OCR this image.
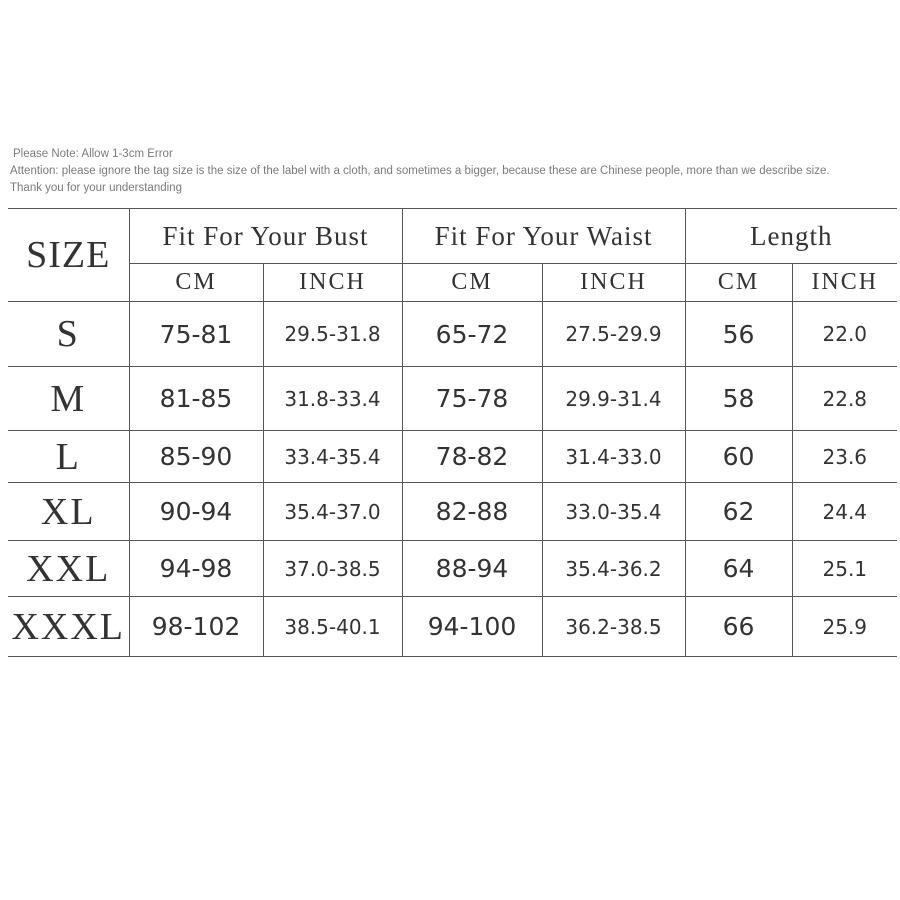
Please Note: Allow 1-3cm Error
Attention: please ignore the tag size is the size of the label with a cloth, and sometimes a bigger, because these are Chinese people, more than we describe size.
Thank you for your understanding
SIZE	Fit For Your Bust		Fit For Your Waist		Length	
	CM	INCH	CM	INCH	CM	INCH
S	75-81	29.5-31.8	65-72	27.5-29.9	56	22.0
M	81-85	31.8-33.4	75-78	29.9-31.4	58	22.8
L	85-90	33.4-35.4	78-82	31.4-33.0	60	23.6
XL	90-94	35.4-37.0	82-88	33.0-35.4	62	24.4
XXL	94-98	37.0-38.5	88-94	35.4-36.2	64	25.1
XXXL	98-102	38.5-40.1	94-100	36.2-38.5	66	25.9
